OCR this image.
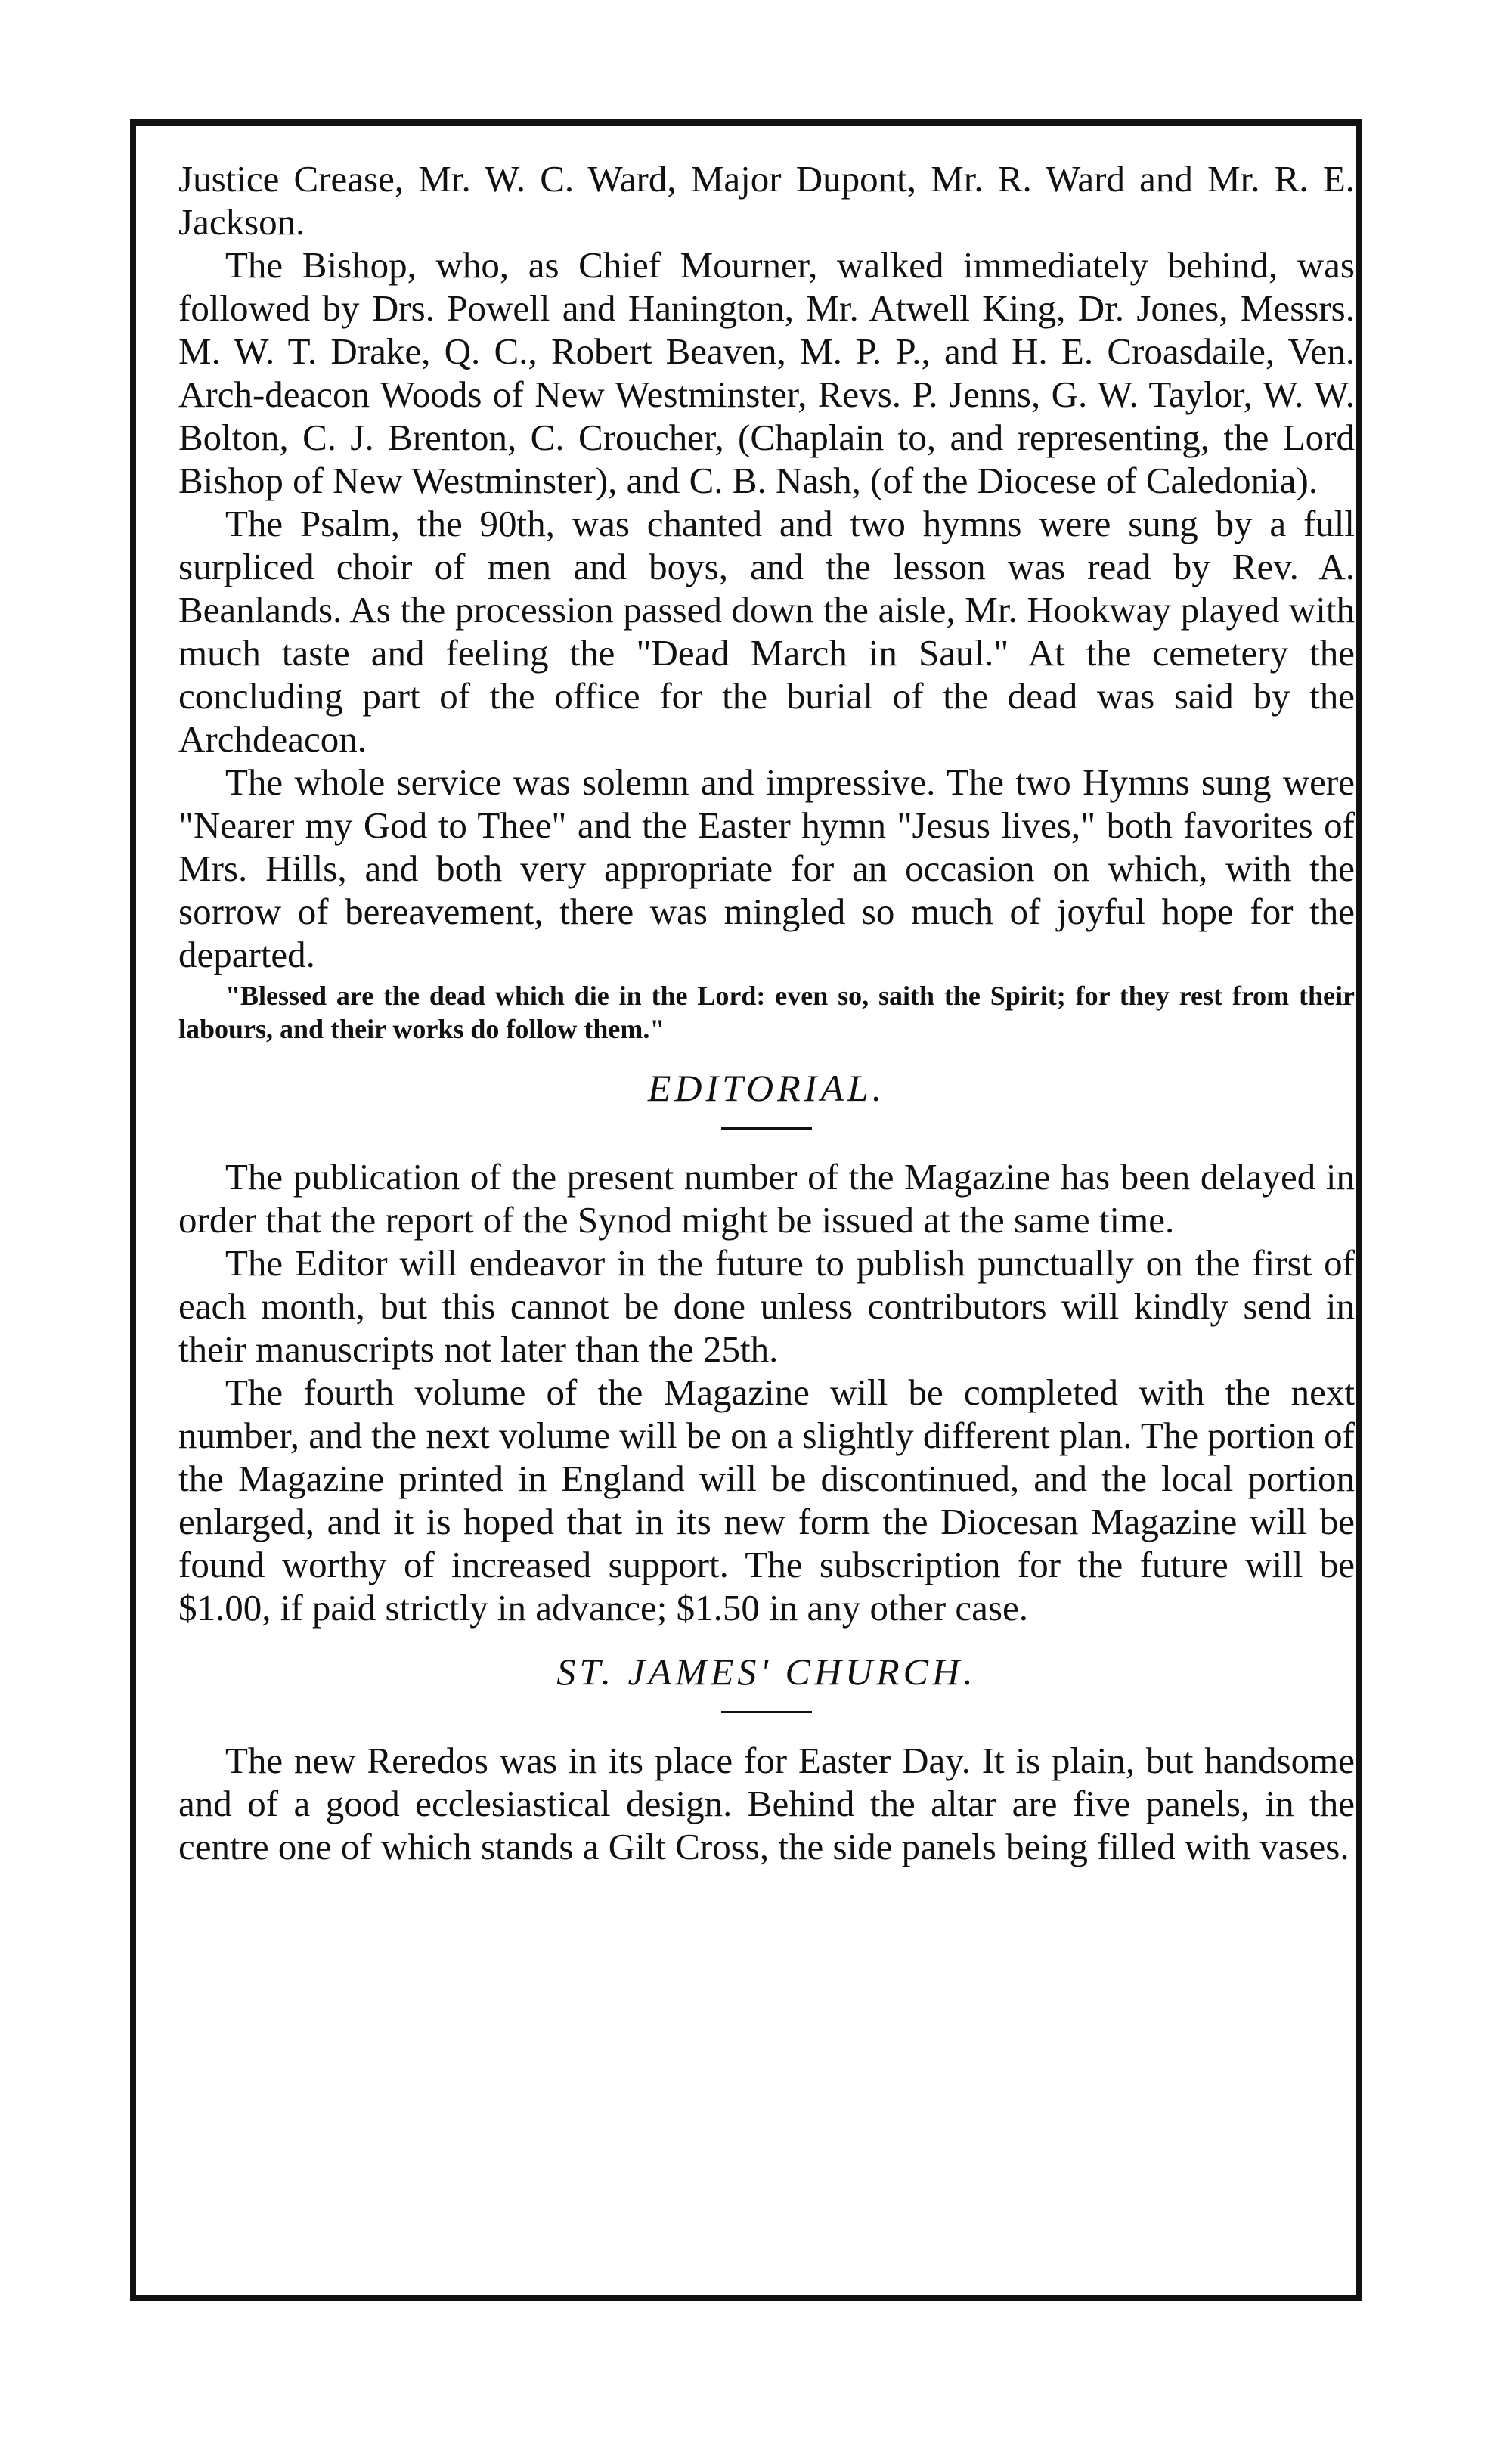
Justice Crease, Mr. W. C. Ward, Major Dupont, Mr. R. Ward and Mr. R. E. Jackson.

The Bishop, who, as Chief Mourner, walked immediately behind, was followed by Drs. Powell and Hanington, Mr. Atwell King, Dr. Jones, Messrs. M. W. T. Drake, Q. C., Robert Beaven, M. P. P., and H. E. Croasdaile, Ven. Arch-deacon Woods of New Westminster, Revs. P. Jenns, G. W. Taylor, W. W. Bolton, C. J. Brenton, C. Croucher, (Chaplain to, and representing, the Lord Bishop of New Westminster), and C. B. Nash, (of the Diocese of Caledonia).

The Psalm, the 90th, was chanted and two hymns were sung by a full surpliced choir of men and boys, and the lesson was read by Rev. A. Beanlands. As the procession passed down the aisle, Mr. Hookway played with much taste and feeling the "Dead March in Saul." At the cemetery the concluding part of the office for the burial of the dead was said by the Archdeacon.

The whole service was solemn and impressive. The two Hymns sung were "Nearer my God to Thee" and the Easter hymn "Jesus lives," both favorites of Mrs. Hills, and both very appropriate for an occasion on which, with the sorrow of bereavement, there was mingled so much of joyful hope for the departed.

"Blessed are the dead which die in the Lord: even so, saith the Spirit; for they rest from their labours, and their works do follow them."

EDITORIAL.

The publication of the present number of the Magazine has been delayed in order that the report of the Synod might be issued at the same time.

The Editor will endeavor in the future to publish punctually on the first of each month, but this cannot be done unless contributors will kindly send in their manuscripts not later than the 25th.

The fourth volume of the Magazine will be completed with the next number, and the next volume will be on a slightly different plan. The portion of the Magazine printed in England will be discontinued, and the local portion enlarged, and it is hoped that in its new form the Diocesan Magazine will be found worthy of increased support. The subscription for the future will be $1.00, if paid strictly in advance; $1.50 in any other case.

ST. JAMES' CHURCH.

The new Reredos was in its place for Easter Day. It is plain, but handsome and of a good ecclesiastical design. Behind the altar are five panels, in the centre one of which stands a Gilt Cross, the side panels being filled with vases.
